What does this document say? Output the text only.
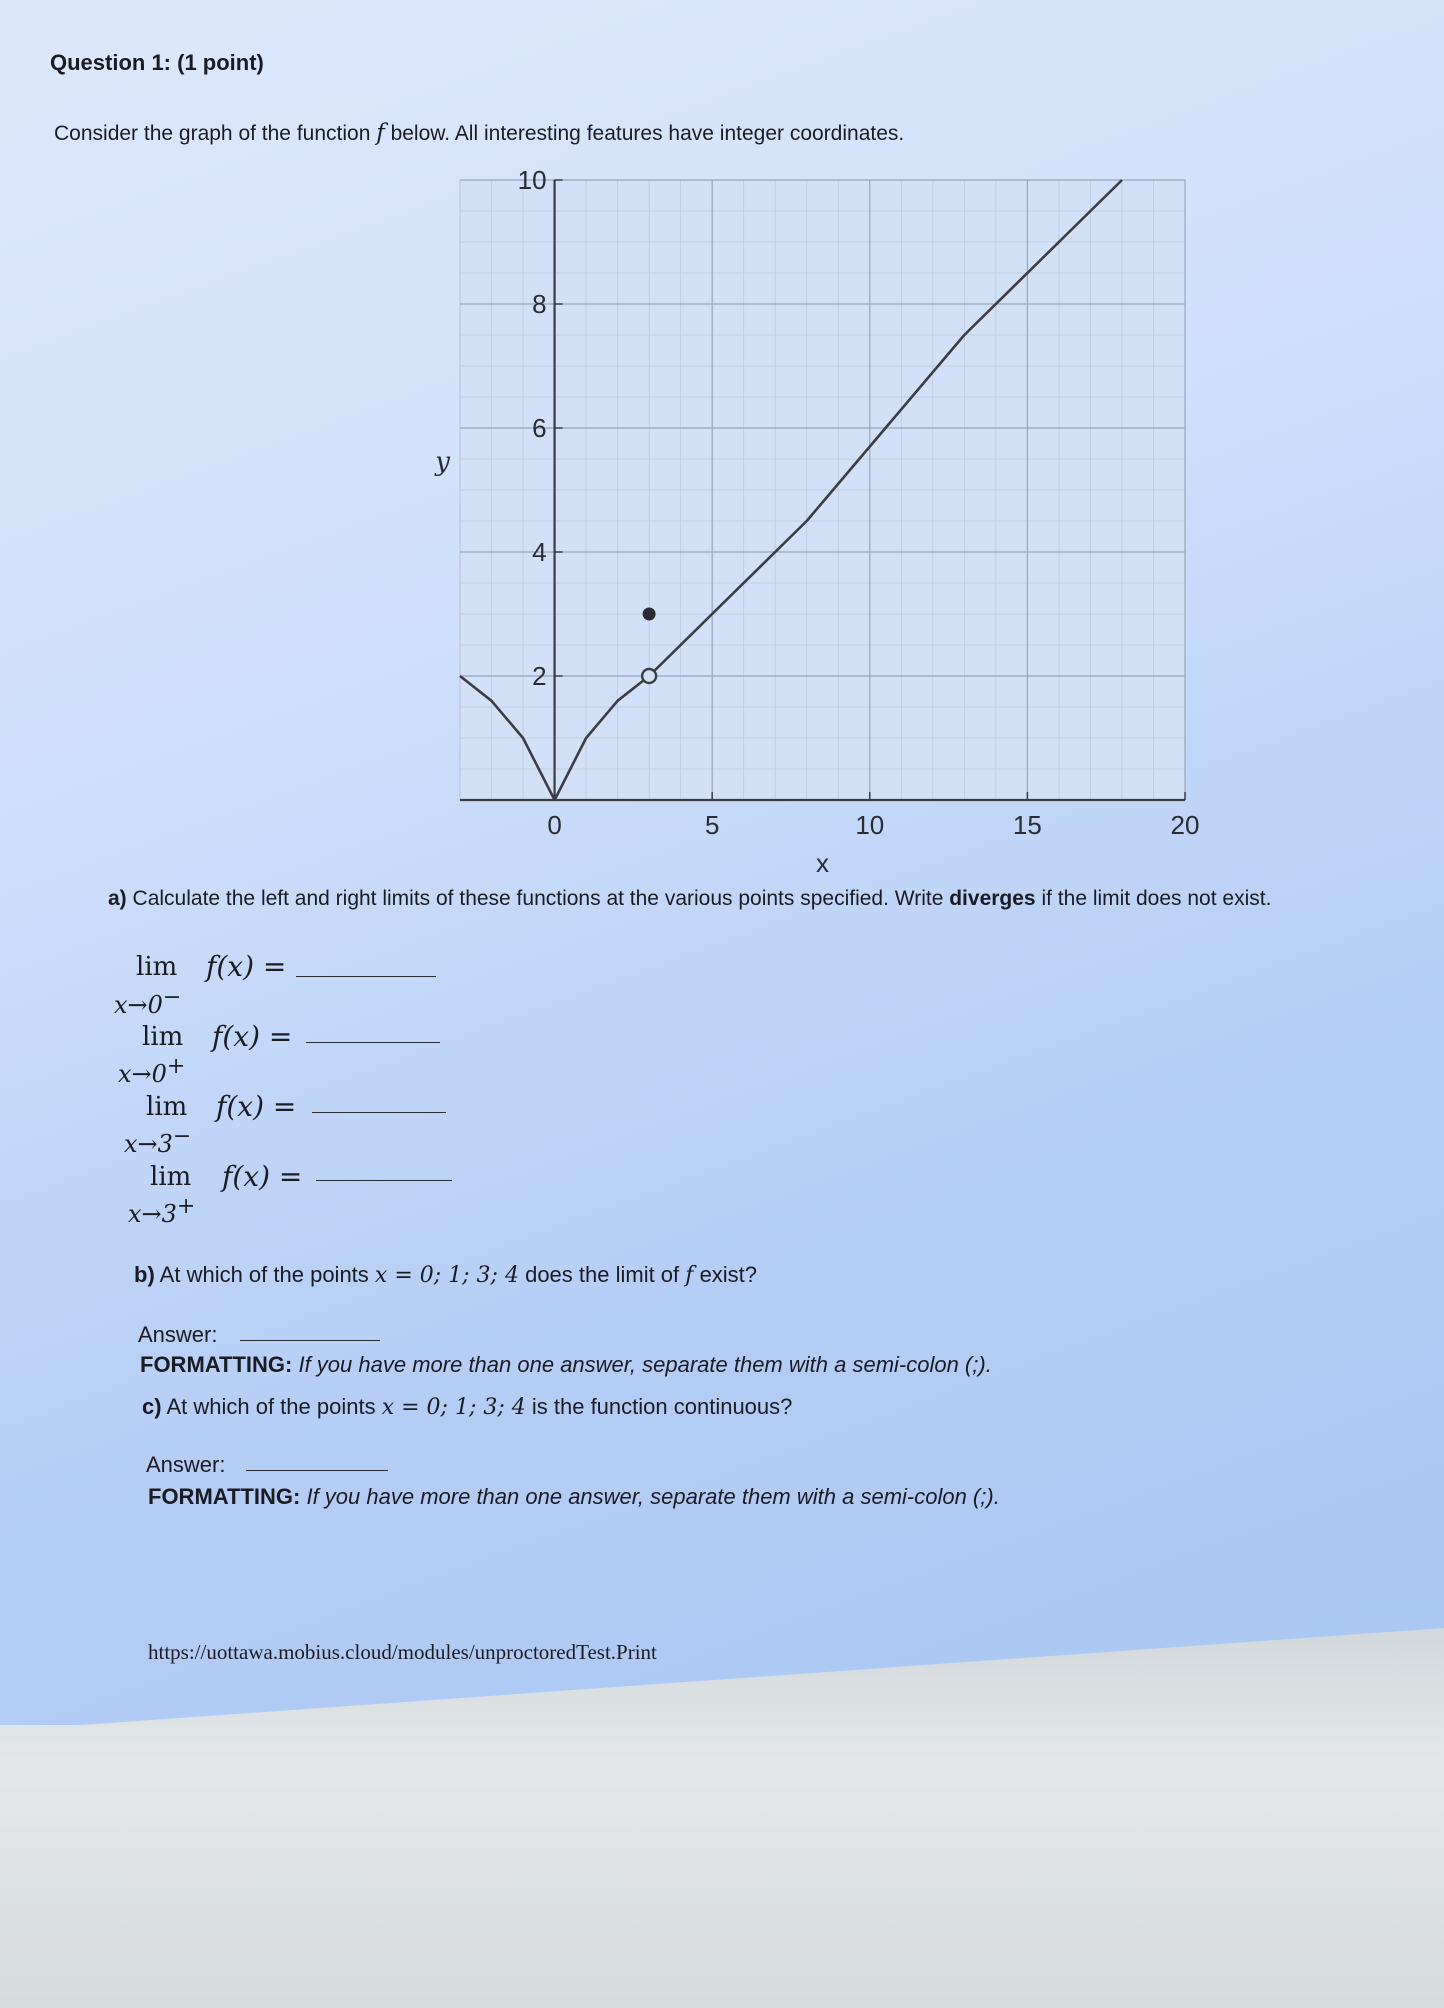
Question 1: (1 point)
Consider the graph of the function f below. All interesting features have integer coordinates.
0	5	10	15	20
2
4
6
8
10
x
y
a) Calculate the left and right limits of these functions at the various points specified. Write diverges if the limit does not exist.
lim
x→0−
f(x) =
lim
x→0+
f(x) =
lim
x→3−
f(x) =
lim
x→3+
f(x) =
b) At which of the points x = 0; 1; 3; 4 does the limit of f exist?
Answer:
FORMATTING: If you have more than one answer, separate them with a semi-colon (;).
c) At which of the points x = 0; 1; 3; 4 is the function continuous?
Answer:
FORMATTING: If you have more than one answer, separate them with a semi-colon (;).
https://uottawa.mobius.cloud/modules/unproctoredTest.Print
